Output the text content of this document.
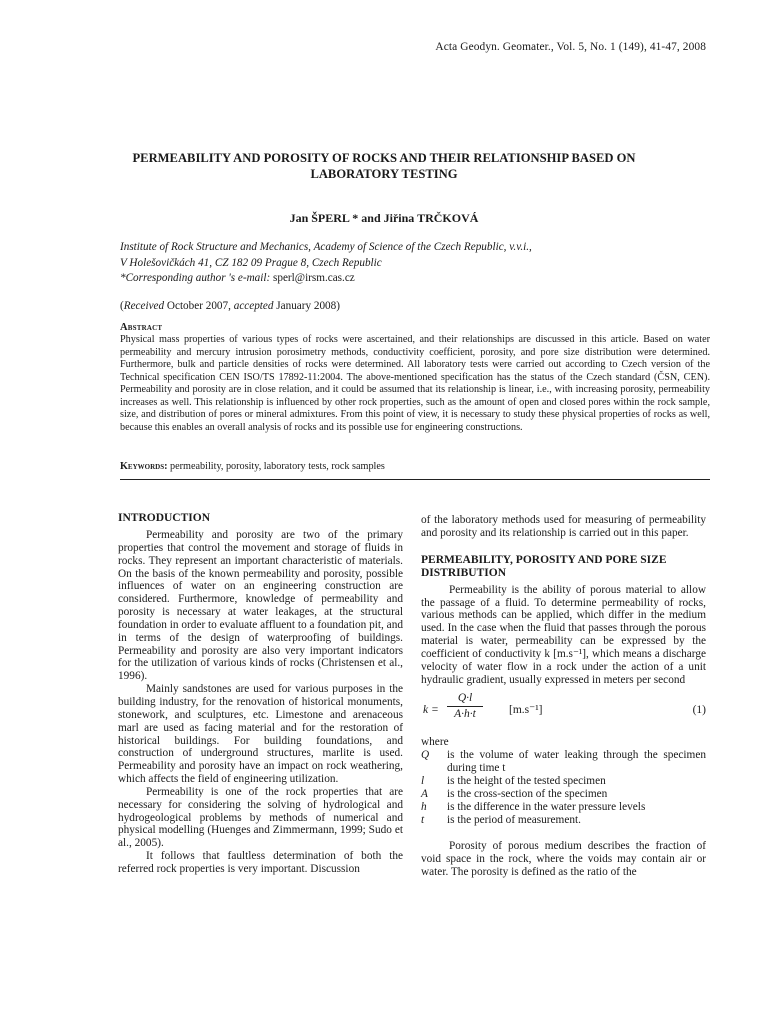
Acta Geodyn. Geomater., Vol. 5, No. 1 (149), 41-47, 2008
PERMEABILITY AND POROSITY OF ROCKS AND THEIR RELATIONSHIP BASED ON
LABORATORY TESTING
Jan ŠPERL * and Jiřina TRČKOVÁ
Institute of Rock Structure and Mechanics, Academy of Science of the Czech Republic, v.v.i.,
V Holešovičkách 41, CZ 182 09 Prague 8, Czech Republic
*Corresponding author 's e-mail: sperl@irsm.cas.cz
(Received October 2007, accepted January 2008)
Abstract
Physical mass properties of various types of rocks were ascertained, and their relationships are discussed in this article. Based on water permeability and mercury intrusion porosimetry methods, conductivity coefficient, porosity, and pore size distribution were determined. Furthermore, bulk and particle densities of rocks were determined. All laboratory tests were carried out according to Czech version of the Technical specification CEN ISO/TS 17892-11:2004. The above-mentioned specification has the status of the Czech standard (ČSN, CEN). Permeability and porosity are in close relation, and it could be assumed that its relationship is linear, i.e., with increasing porosity, permeability increases as well. This relationship is influenced by other rock properties, such as the amount of open and closed pores within the rock sample, size, and distribution of pores or mineral admixtures. From this point of view, it is necessary to study these physical properties of rocks as well, because this enables an overall analysis of rocks and its possible use for engineering constructions.
Keywords: permeability, porosity, laboratory tests, rock samples
INTRODUCTION

Permeability and porosity are two of the primary properties that control the movement and storage of fluids in rocks. They represent an important characteristic of materials. On the basis of the known permeability and porosity, possible influences of water on an engineering construction are considered. Furthermore, knowledge of permeability and porosity is necessary at water leakages, at the structural foundation in order to evaluate affluent to a foundation pit, and in terms of the design of waterproofing of buildings. Permeability and porosity are also very important indicators for the utilization of various kinds of rocks (Christensen et al., 1996).

Mainly sandstones are used for various purposes in the building industry, for the renovation of historical monuments, stonework, and sculptures, etc. Limestone and arenaceous marl are used as facing material and for the restoration of historical buildings. For building foundations, and construction of underground structures, marlite is used. Permeability and porosity have an impact on rock weathering, which affects the field of engineering utilization.

Permeability is one of the rock properties that are necessary for considering the solving of hydrological and hydrogeological problems by methods of numerical and physical modelling (Huenges and Zimmermann, 1999; Sudo et al., 2005).

It follows that faultless determination of both the referred rock properties is very important. Discussion

of the laboratory methods used for measuring of permeability and porosity and its relationship is carried out in this paper.

PERMEABILITY, POROSITY AND PORE SIZE
DISTRIBUTION

Permeability is the ability of porous material to allow the passage of a fluid. To determine permeability of rocks, various methods can be applied, which differ in the medium used. In the case when the fluid that passes through the porous material is water, permeability can be expressed by the coefficient of conductivity k [m.s⁻¹], which means a discharge velocity of water flow in a rock under the action of a unit hydraulic gradient, usually expressed in meters per second

$k = \frac{Q\cdot l}{A\cdot h\cdot t} [m.s^{-1}]$	(1)
where
Q	is the volume of water leaking through the specimen during time t
l	is the height of the tested specimen
A	is the cross-section of the specimen
h	is the difference in the water pressure levels
t	is the period of measurement.

Porosity of porous medium describes the fraction of void space in the rock, where the voids may contain air or water. The porosity is defined as the ratio of the
